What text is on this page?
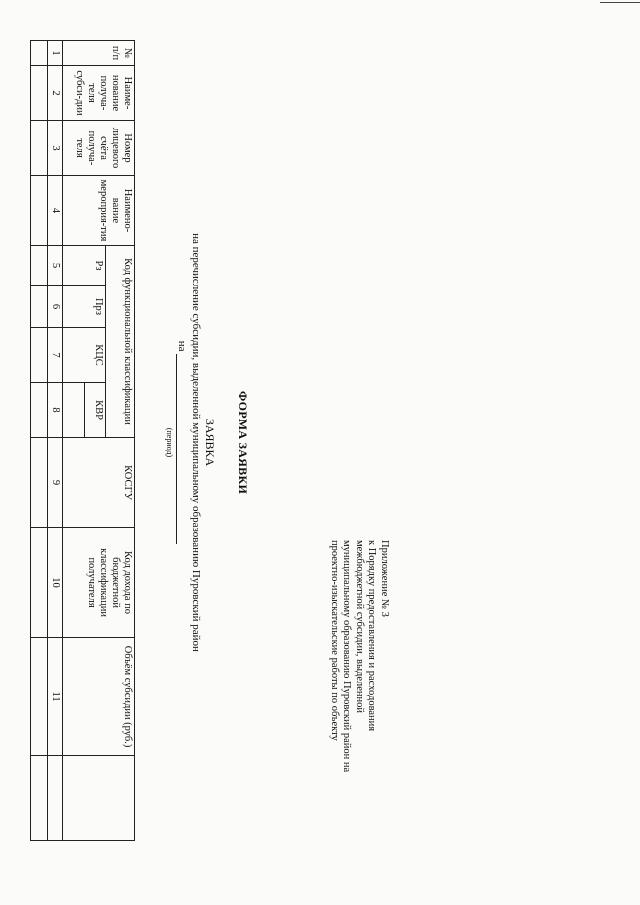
Приложение № 3
к Порядку предоставления и расходования
межбюджетной субсидии, выделенной
муниципальному образованию Пуровский район на
проектно-изыскательские работы по объекту
ФОРМА ЗАЯВКИ
ЗАЯВКА
на перечисление субсидии, выделенной муниципальному образованию Пуровский район
на
(период)
№ п/п	Наиме-нование получа-теля субси-дии	Номер лицевого счёта получа-теля	Наимено-вание мероприя-тия	Код функциональной классификации				КОСГУ	Код дохода по бюджетной классификации получателя	Объём субсидии (руб.)	
				Рз	Прз	КЦС	КВР				

1	2	3	4	5	6	7	8	9	10	11	
